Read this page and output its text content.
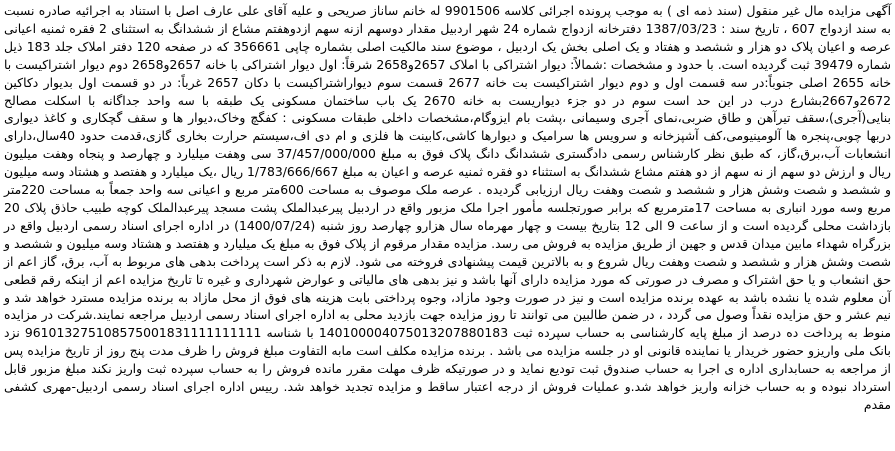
آگهی مزایده مال غیر منقول (سند ذمه ای ) به موجب پرونده اجرائی کلاسه 9901506 له خانم ساناز صریحی و علیه آقای علی عارف اصل با استناد به اجرائیه صادره نسبت به سند ازدواج 607 ، تاریخ سند : 1387/03/23 دفترخانه ازدواج شماره 24 شهر اردبیل مقدار دوسهم ازنه سهم ازدوهفتم مشاع از ششدانگ به استثنای 2 فقره ثمنیه اعیانی عرصه و اعیان پلاک دو هزار و ششصد و هفتاد و یک اصلی بخش یک اردبیل ، موضوع سند مالکیت اصلی بشماره چاپی 356661 که در صفحه 120 دفتر املاک جلد 183 ذیل شماره 39479 ثبت گردیده است. با حدود و مشخصات :شمالاً: دیوار اشتراکی با املاک 2657و2658 شرقاً: اول دیوار اشتراکی با خانه 2657و2658 دوم دیوار اشتراکیست با خانه 2655 اصلی جنوباً:در سه قسمت اول و دوم دیوار اشتراکیست بت خانه 2677 قسمت سوم دیواراشتراکیست با دکان 2657 غرباً: در دو قسمت اول بدیوار دکاکین 2672و2667بشارع درب در این حد است سوم در دو جزء دیواریست به خانه 2670 یک باب ساختمان مسکونی یک طبقه با سه واحد جداگانه با اسکلت مصالح بنایی(آجری)،سقف تیرآهن و طاق ضربی،نمای آجری وسیمانی ،پشت بام ایزوگام،مشخصات داخلی طبقات مسکونی : کفگچ وخاک،دیوار ها و سقف گچکاری و کاغذ دیواری دربها چوبی،پنجره ها آلومینیومی،کف آشپزخانه و سرویس ها سرامیک و دیوارها کاشی،کابینت ها فلزی و ام دی اف،سیستم حرارت بخاری گازی،قدمت حدود 40سال،دارای انشعابات آب،برق،گاز، که طبق نظر کارشناس رسمی دادگستری ششدانگ دانگ پلاک فوق به مبلغ 37/457/000/000 سی وهفت میلیارد و چهارصد و پنجاه وهفت میلیون ریال و ارزش دو سهم از نه سهم از دو هفتم مشاع ششدانگ به استثناء دو فقره ثمنیه عرصه و اعیان به مبلغ 1/783/666/667 ریال ،یک میلیارد و هفتصد و هشتاد وسه میلیون و ششصد و شصت وشش هزار و ششصد و شصت وهفت ریال ارزیابی گردیده . عرصه ملک موصوف به مساحت 600متر مربع و اعیانی سه واحد جمعاً به مساحت 220متر مربع وسه مورد انباری به مساحت 17مترمربع که برابر صورتجلسه مأمور اجرا ملک مزبور واقع در اردبیل پیرعبدالملک پشت مسجد پیرعبدالملک کوچه طبیب حاذق پلاک 20 بازداشت محلی گردیده است و از ساعت 9 الی 12 بتاریخ بیست و چهار مهرماه سال هزارو چهارصد روز شنبه (1400/07/24) در اداره اجرای اسناد رسمی اردبیل واقع در بزرگراه شهداء مابین میدان قدس و جهین از طریق مزایده به فروش می رسد. مزایده مقدار مرقوم از پلاک فوق به مبلغ یک میلیارد و هفتصد و هشتاد وسه میلیون و ششصد و شصت وشش هزار و ششصد و شصت وهفت ریال شروع و به بالاترین قیمت پیشنهادی فروخته می شود. لازم به ذکر است پرداخت بدهی های مربوط به آب، برق، گاز اعم از حق انشعاب و یا حق اشتراک و مصرف در صورتی که مورد مزایده دارای آنها باشد و نیز بدهی های مالیاتی و عوارض شهرداری و غیره تا تاریخ مزایده اعم از اینکه رقم قطعی آن معلوم شده یا نشده باشد به عهده برنده مزایده است و نیز در صورت وجود مازاد، وجوه پرداختی بابت هزینه های فوق از محل مازاد به برنده مزایده مسترد خواهد شد و نیم عشر و حق مزایده نقداً وصول می گردد ، در ضمن طالبین می توانند تا روز مزایده جهت بازدید محلی به اداره اجرای اسناد رسمی اردبیل مراجعه نمایند.شرکت در مزایده منوط به پرداخت ده درصد از مبلغ پایه کارشناسی به حساب سپرده ثبت 140100004075013207880183 با شناسه 961013275108575001831111111111 نزد بانک ملی واریزو حضور خریدار یا نماینده قانونی او در جلسه مزایده می باشد . برنده مزایده مکلف است مابه التفاوت مبلغ فروش را ظرف مدت پنج روز از تاریخ مزایده پس از مراجعه به حسابداری اداره ی اجرا به حساب صندوق ثبت تودیع نماید و در صورتیکه ظرف مهلت مقرر مانده فروش را به حساب سپرده ثبت واریز نکند مبلغ مزبور قابل استرداد نبوده و به حساب خزانه واریز خواهد شد.و عملیات فروش از درجه اعتبار ساقط و مزایده تجدید خواهد شد. رییس اداره اجرای اسناد رسمی اردبیل-مهری کشفی مقدم
